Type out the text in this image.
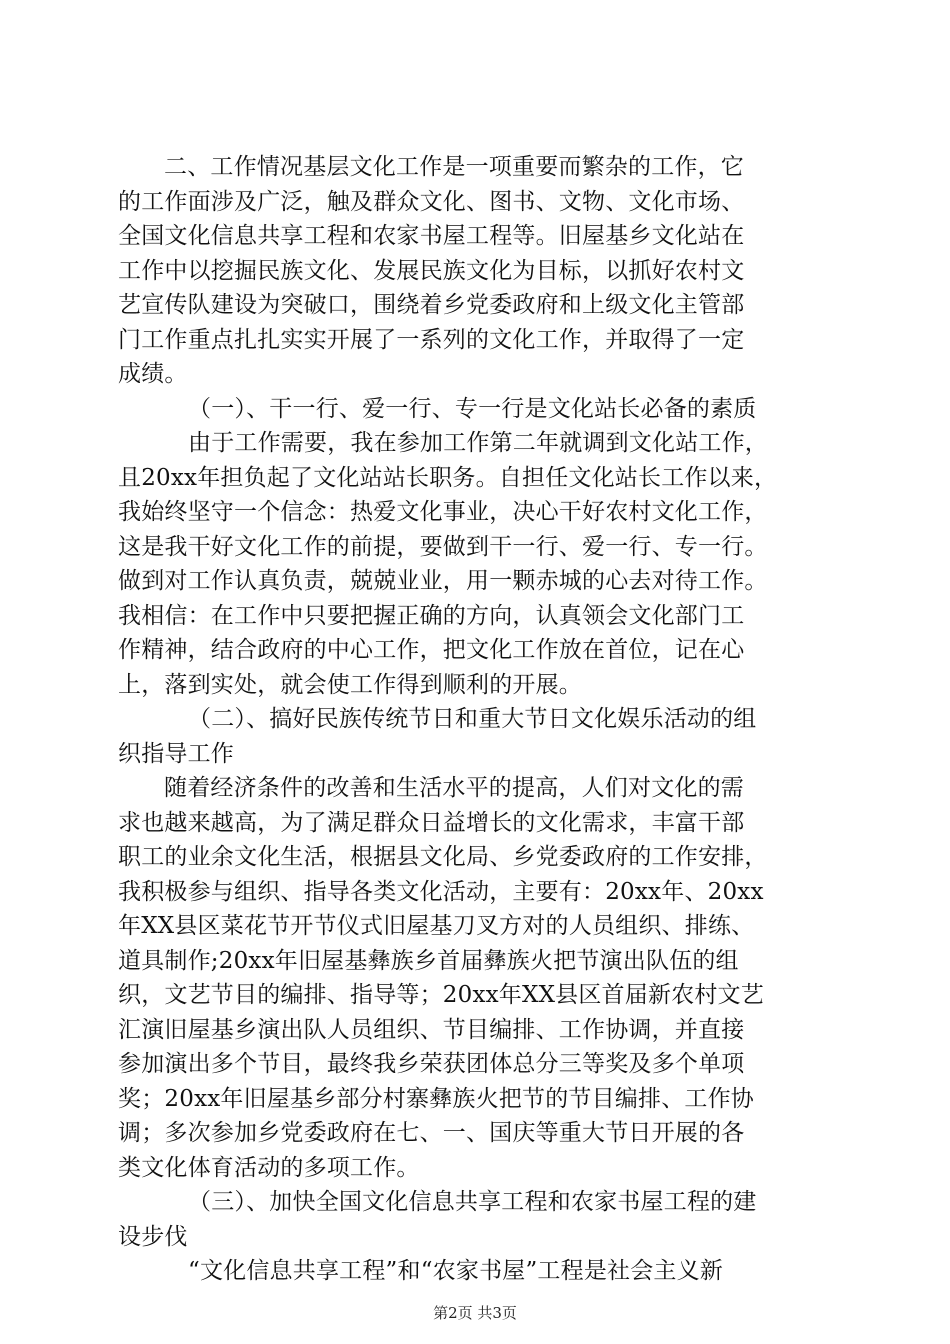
二、工作情况基层文化工作是一项重要而繁杂的工作，它
的工作面涉及广泛，触及群众文化、图书、文物、文化市场、
全国文化信息共享工程和农家书屋工程等。旧屋基乡文化站在
工作中以挖掘民族文化、发展民族文化为目标，以抓好农村文
艺宣传队建设为突破口，围绕着乡党委政府和上级文化主管部
门工作重点扎扎实实开展了一系列的文化工作，并取得了一定
成绩。
（一）、干一行、爱一行、专一行是文化站长必备的素质
由于工作需要，我在参加工作第二年就调到文化站工作，
且20xx年担负起了文化站站长职务。自担任文化站长工作以来，
我始终坚守一个信念：热爱文化事业，决心干好农村文化工作，
这是我干好文化工作的前提，要做到干一行、爱一行、专一行。
做到对工作认真负责，兢兢业业，用一颗赤城的心去对待工作。
我相信：在工作中只要把握正确的方向，认真领会文化部门工
作精神，结合政府的中心工作，把文化工作放在首位，记在心
上，落到实处，就会使工作得到顺利的开展。
（二）、搞好民族传统节日和重大节日文化娱乐活动的组
织指导工作
随着经济条件的改善和生活水平的提高，人们对文化的需
求也越来越高，为了满足群众日益增长的文化需求，丰富干部
职工的业余文化生活，根据县文化局、乡党委政府的工作安排，
我积极参与组织、指导各类文化活动，主要有：20xx年、20xx
年XX县区菜花节开节仪式旧屋基刀叉方对的人员组织、排练、
道具制作;20xx年旧屋基彝族乡首届彝族火把节演出队伍的组
织，文艺节目的编排、指导等；20xx年XX县区首届新农村文艺
汇演旧屋基乡演出队人员组织、节目编排、工作协调，并直接
参加演出多个节目，最终我乡荣获团体总分三等奖及多个单项
奖；20xx年旧屋基乡部分村寨彝族火把节的节目编排、工作协
调；多次参加乡党委政府在七、一、国庆等重大节日开展的各
类文化体育活动的多项工作。
（三）、加快全国文化信息共享工程和农家书屋工程的建
设步伐
“文化信息共享工程”和“农家书屋”工程是社会主义新
第2页 共3页
